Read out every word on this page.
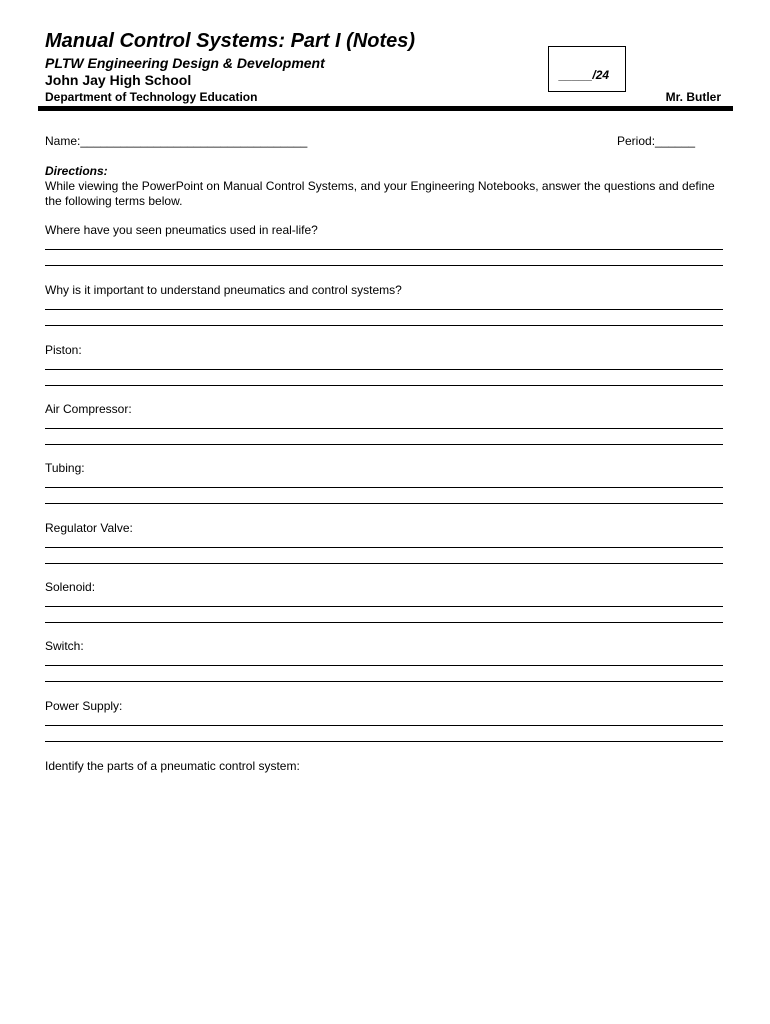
Manual Control Systems: Part I (Notes)
PLTW Engineering Design & Development
John Jay High School
Department of Technology Education	Mr. Butler
_____/24
Name:__________________________________	Period:______
Directions:
While viewing the PowerPoint on Manual Control Systems, and your Engineering Notebooks, answer the questions and define the following terms below.
Where have you seen pneumatics used in real-life?
Why is it important to understand pneumatics and control systems?
Piston:
Air Compressor:
Tubing:
Regulator Valve:
Solenoid:
Switch:
Power Supply:
Identify the parts of a pneumatic control system:
